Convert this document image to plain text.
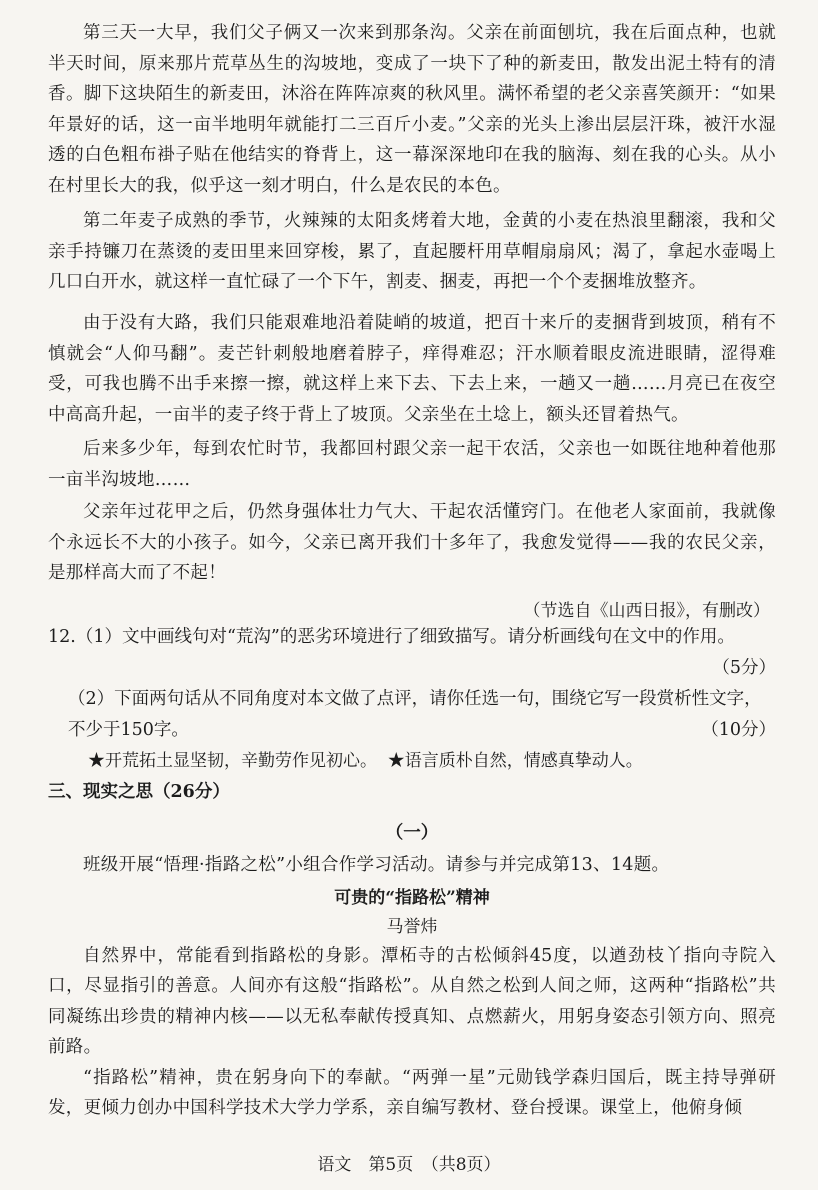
第三天一大早，我们父子俩又一次来到那条沟。父亲在前面刨坑，我在后面点种，也就半天时间，原来那片荒草丛生的沟坡地，变成了一块下了种的新麦田，散发出泥土特有的清香。脚下这块陌生的新麦田，沐浴在阵阵凉爽的秋风里。满怀希望的老父亲喜笑颜开：“如果年景好的话，这一亩半地明年就能打二三百斤小麦。”父亲的光头上渗出层层汗珠，被汗水湿透的白色粗布褂子贴在他结实的脊背上，这一幕深深地印在我的脑海、刻在我的心头。从小在村里长大的我，似乎这一刻才明白，什么是农民的本色。

第二年麦子成熟的季节，火辣辣的太阳炙烤着大地，金黄的小麦在热浪里翻滚，我和父亲手持镰刀在蒸烫的麦田里来回穿梭，累了，直起腰杆用草帽扇扇风；渴了，拿起水壶喝上几口白开水，就这样一直忙碌了一个下午，割麦、捆麦，再把一个个麦捆堆放整齐。

由于没有大路，我们只能艰难地沿着陡峭的坡道，把百十来斤的麦捆背到坡顶，稍有不慎就会“人仰马翻”。麦芒针刺般地磨着脖子，痒得难忍；汗水顺着眼皮流进眼睛，涩得难受，可我也腾不出手来擦一擦，就这样上来下去、下去上来，一趟又一趟……月亮已在夜空中高高升起，一亩半的麦子终于背上了坡顶。父亲坐在土埝上，额头还冒着热气。

后来多少年，每到农忙时节，我都回村跟父亲一起干农活，父亲也一如既往地种着他那一亩半沟坡地……

父亲年过花甲之后，仍然身强体壮力气大、干起农活懂窍门。在他老人家面前，我就像个永远长不大的小孩子。如今，父亲已离开我们十多年了，我愈发觉得——我的农民父亲，是那样高大而了不起！

（节选自《山西日报》，有删改）

12.（1）文中画线句对“荒沟”的恶劣环境进行了细致描写。请分析画线句在文中的作用。

（5分）

（2）下面两句话从不同角度对本文做了点评，请你任选一句，围绕它写一段赏析性文字，不少于150字。	（10分）

★开荒拓土显坚韧，辛勤劳作见初心。  ★语言质朴自然，情感真挚动人。

三、现实之思（26分）

（一）

班级开展“悟理·指路之松”小组合作学习活动。请参与并完成第13、14题。

可贵的“指路松”精神

马誉炜

自然界中，常能看到指路松的身影。潭柘寺的古松倾斜45度，以遒劲枝丫指向寺院入口，尽显指引的善意。人间亦有这般“指路松”。从自然之松到人间之师，这两种“指路松”共同凝练出珍贵的精神内核——以无私奉献传授真知、点燃薪火，用躬身姿态引领方向、照亮前路。

“指路松”精神，贵在躬身向下的奉献。“两弹一星”元勋钱学森归国后，既主持导弹研发，更倾力创办中国科学技术大学力学系，亲自编写教材、登台授课。课堂上，他俯身倾

语文　第5页　（共8页）
